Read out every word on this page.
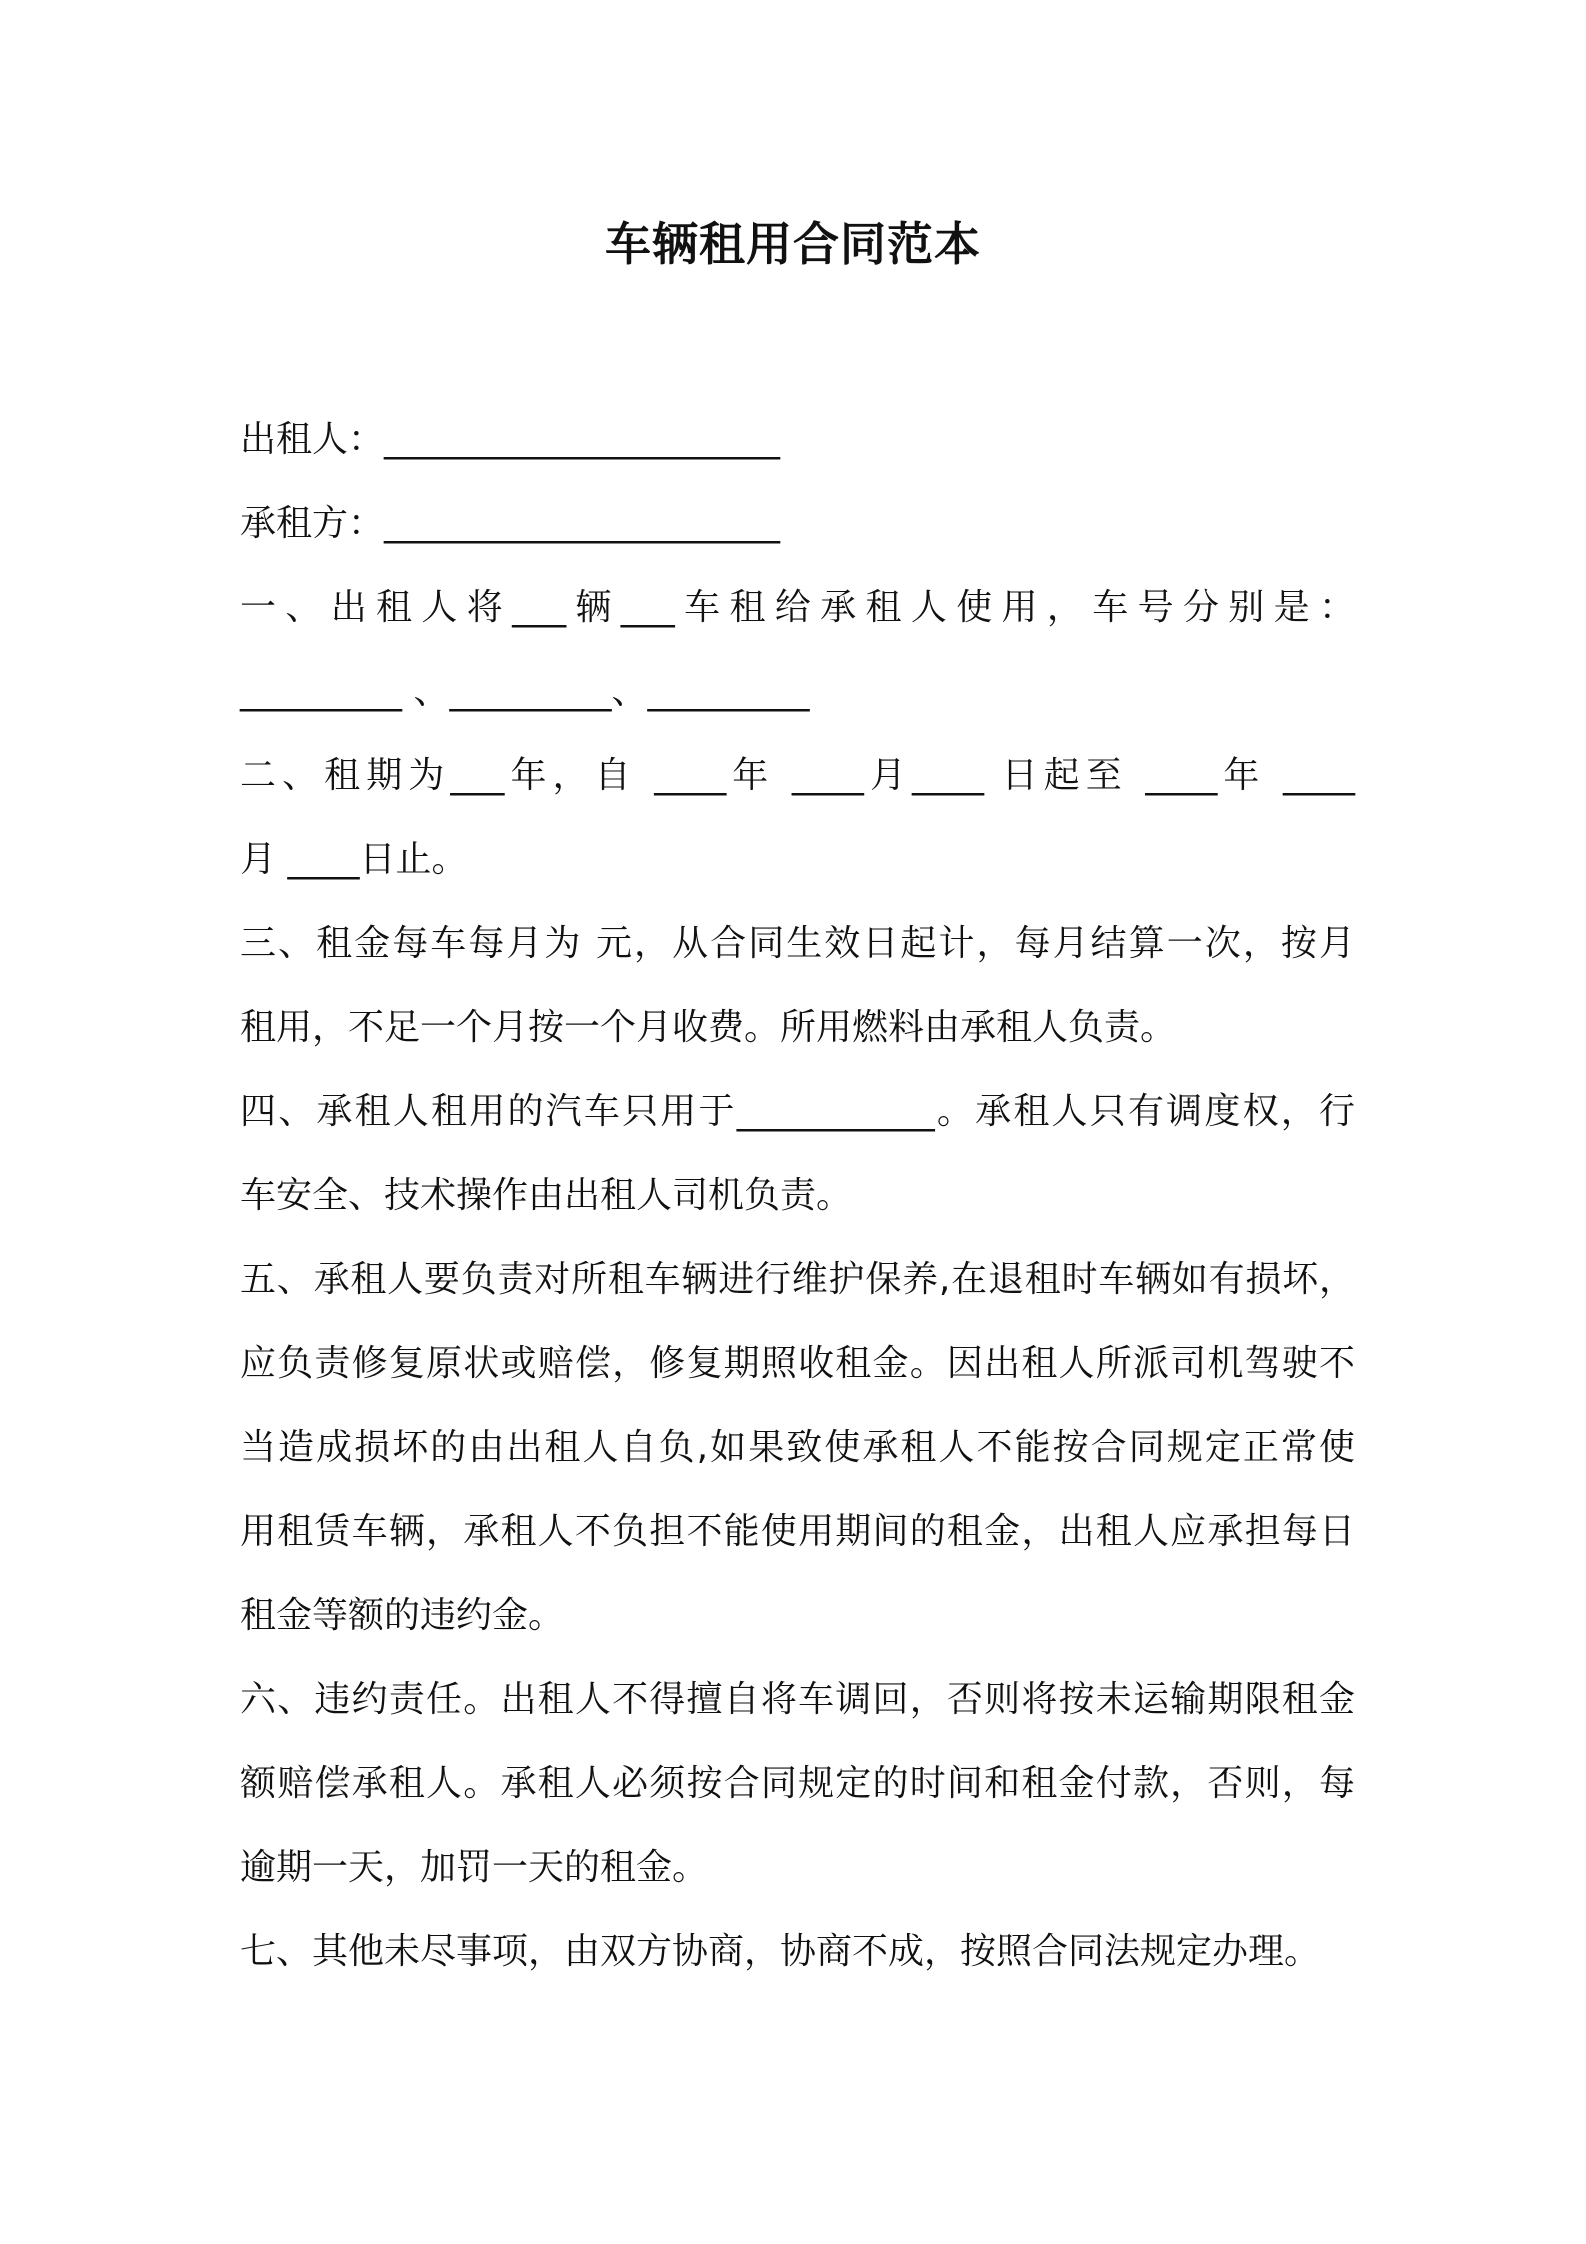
车辆租用合同范本

出租人：______________________

承租方：______________________

一、出租人将___辆___车租给承租人使用，车号分别是：

_________ 、_________、_________

二、租期为___年，自 ____年 ____月____ 日起至 ____年 ____

月 ____日止。

三、租金每车每月为 元，从合同生效日起计，每月结算一次，按月

租用，不足一个月按一个月收费。所用燃料由承租人负责。

四、承租人租用的汽车只用于___________。承租人只有调度权，行

车安全、技术操作由出租人司机负责。

五、承租人要负责对所租车辆进行维护保养,在退租时车辆如有损坏，

应负责修复原状或赔偿，修复期照收租金。因出租人所派司机驾驶不

当造成损坏的由出租人自负,如果致使承租人不能按合同规定正常使

用租赁车辆，承租人不负担不能使用期间的租金，出租人应承担每日

租金等额的违约金。

六、违约责任。出租人不得擅自将车调回，否则将按未运输期限租金

额赔偿承租人。承租人必须按合同规定的时间和租金付款，否则，每

逾期一天，加罚一天的租金。

七、其他未尽事项，由双方协商，协商不成，按照合同法规定办理。
